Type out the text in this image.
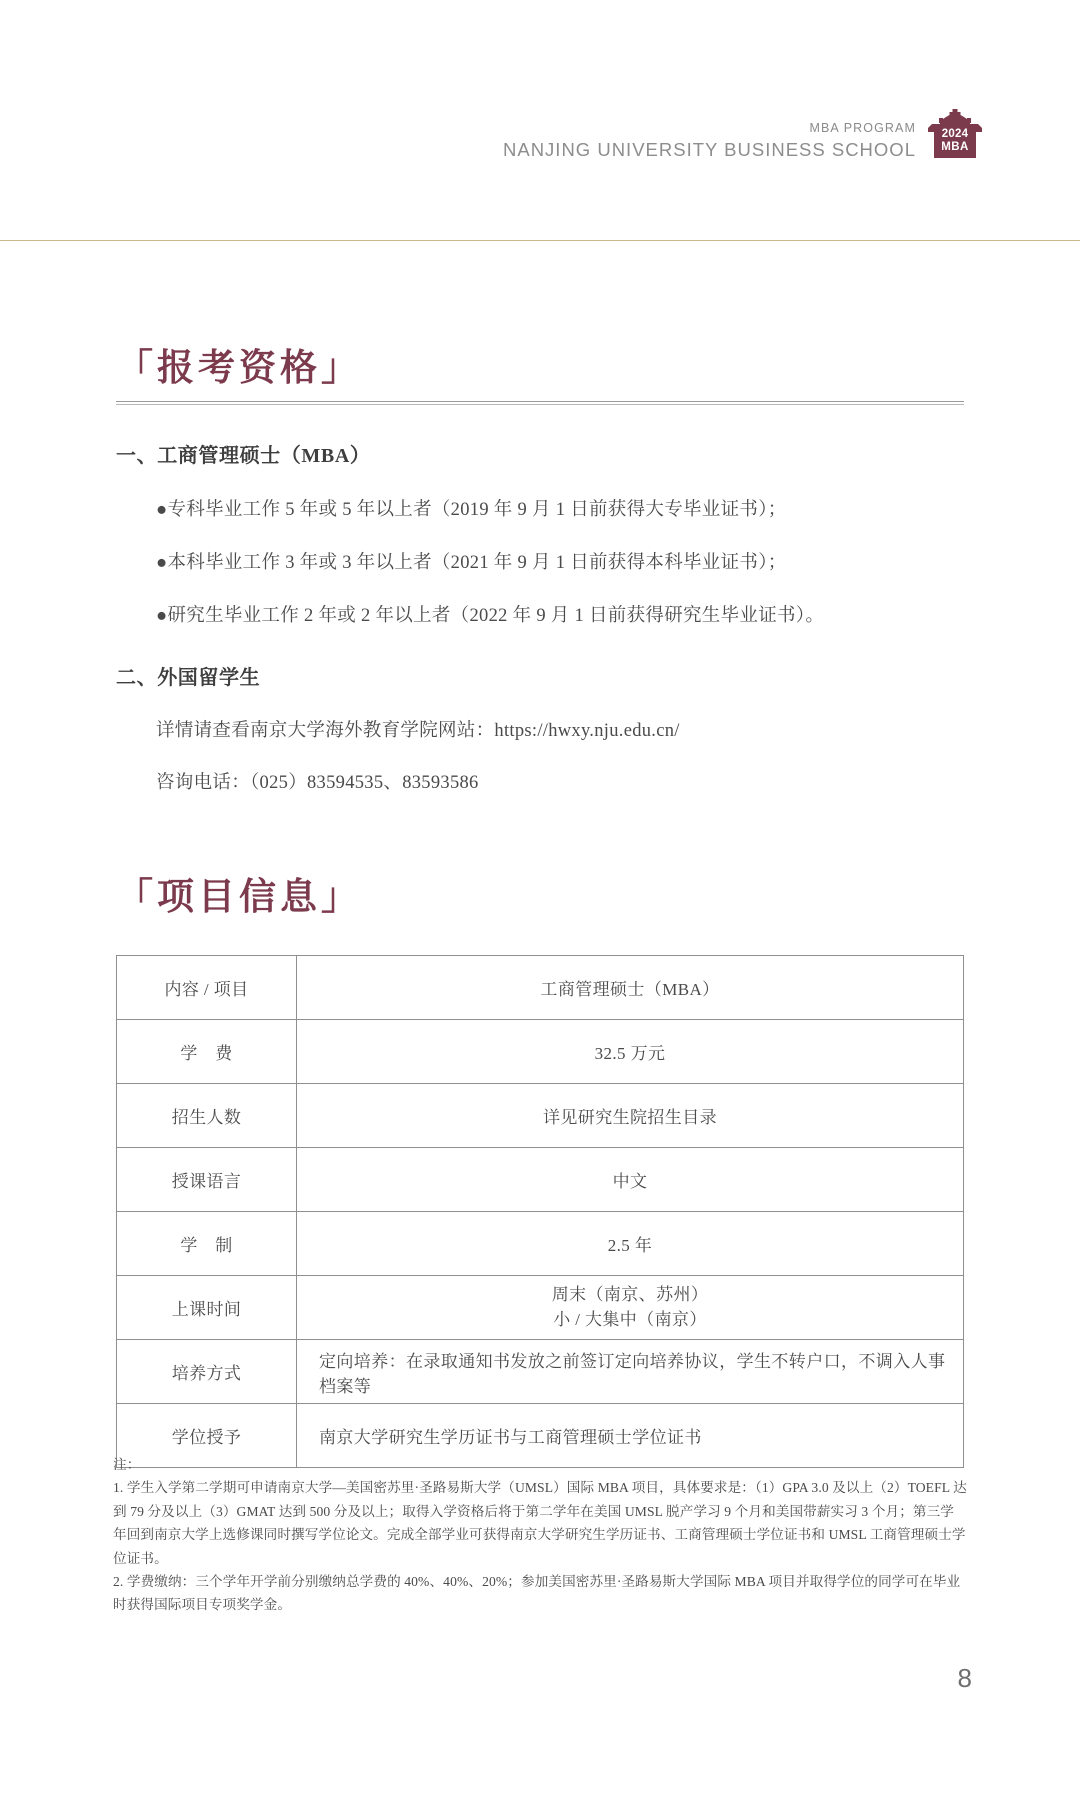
MBA PROGRAM
NANJING UNIVERSITY BUSINESS SCHOOL
2024
MBA
「报考资格」
一、工商管理硕士（MBA）
●专科毕业工作 5 年或 5 年以上者（2019 年 9 月 1 日前获得大专毕业证书）；
●本科毕业工作 3 年或 3 年以上者（2021 年 9 月 1 日前获得本科毕业证书）；
●研究生毕业工作 2 年或 2 年以上者（2022 年 9 月 1 日前获得研究生毕业证书）。
二、外国留学生
详情请查看南京大学海外教育学院网站：https://hwxy.nju.edu.cn/
咨询电话：（025）83594535、83593586
「项目信息」
内容 / 项目	工商管理硕士（MBA）
学　费	32.5 万元
招生人数	详见研究生院招生目录
授课语言	中文
学　制	2.5 年
上课时间	周末（南京、苏州）
小 / 大集中（南京）

培养方式	定向培养：在录取通知书发放之前签订定向培养协议，学生不转户口，不调入人事档案等
学位授予	南京大学研究生学历证书与工商管理硕士学位证书

注：

1. 学生入学第二学期可申请南京大学—美国密苏里·圣路易斯大学（UMSL）国际 MBA 项目，具体要求是：（1）GPA 3.0 及以上（2）TOEFL 达到 79 分及以上（3）GMAT 达到 500 分及以上；取得入学资格后将于第二学年在美国 UMSL 脱产学习 9 个月和美国带薪实习 3 个月；第三学年回到南京大学上选修课同时撰写学位论文。完成全部学业可获得南京大学研究生学历证书、工商管理硕士学位证书和 UMSL 工商管理硕士学位证书。

2. 学费缴纳：三个学年开学前分别缴纳总学费的 40%、40%、20%；参加美国密苏里·圣路易斯大学国际 MBA 项目并取得学位的同学可在毕业时获得国际项目专项奖学金。

8
